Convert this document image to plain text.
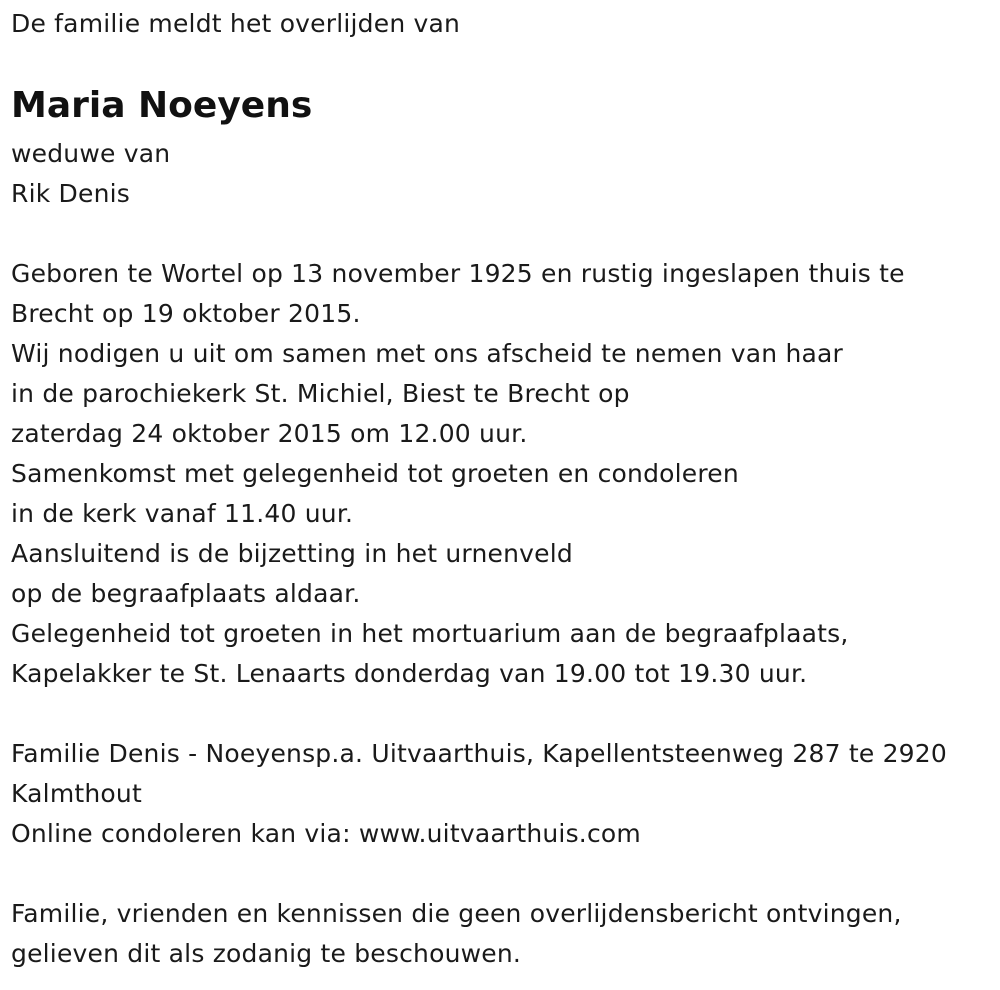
De familie meldt het overlijden van
Maria Noeyens
weduwe van
Rik Denis
Geboren te Wortel op 13 november 1925 en rustig ingeslapen thuis te
Brecht op 19 oktober 2015.
Wij nodigen u uit om samen met ons afscheid te nemen van haar
in de parochiekerk St. Michiel, Biest te Brecht op
zaterdag 24 oktober 2015 om 12.00 uur.
Samenkomst met gelegenheid tot groeten en condoleren
in de kerk vanaf 11.40 uur.
Aansluitend is de bijzetting in het urnenveld
op de begraafplaats aldaar.
Gelegenheid tot groeten in het mortuarium aan de begraafplaats,
Kapelakker te St. Lenaarts donderdag van 19.00 tot 19.30 uur.
Familie Denis - Noeyensp.a. Uitvaarthuis, Kapellentsteenweg 287 te 2920
Kalmthout
Online condoleren kan via: www.uitvaarthuis.com
Familie, vrienden en kennissen die geen overlijdensbericht ontvingen,
gelieven dit als zodanig te beschouwen.
